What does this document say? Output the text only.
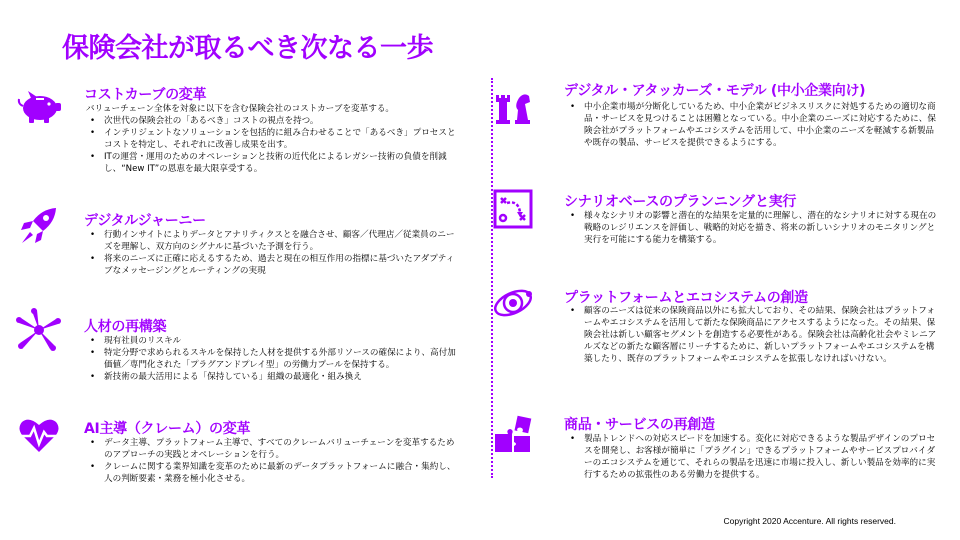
保険会社が取るべき次なる一歩
コストカーブの変革

バリューチェーン全体を対象に以下を含む保険会社のコストカーブを変革する。

• 次世代の保険会社の「あるべき」コストの視点を持つ。
• インテリジェントなソリューションを包括的に組み合わせることで「あるべき」プロセスとコストを特定し、それぞれに改善し成果を出す。
• ITの運営・運用のためのオペレーションと技術の近代化によるレガシー技術の負債を削減し、“New IT”の恩恵を最大限享受する。
デジタルジャーニー
• 行動インサイトによりデータとアナリティクスとを融合させ、顧客／代理店／従業員のニーズを理解し、双方向のシグナルに基づいた予測を行う。
• 将来のニーズに正確に応えるするため、過去と現在の相互作用の指標に基づいたアダプティブなメッセージングとルーティングの実現
人材の再構築
• 現有社員のリスキル
• 特定分野で求められるスキルを保持した人材を提供する外部リソースの確保により、高付加価値／専門化された「プラグアンドプレイ型」の労働力プールを保持する。
• 新技術の最大活用による「保持している」組織の最適化・組み換え
AI主導（クレーム）の変革
• データ主導、プラットフォーム主導で、すべてのクレームバリューチェーンを変革するためのアプローチの実践とオペレーションを行う。
• クレームに関する業界知識を変革のために最新のデータプラットフォームに融合・集約し、人の判断要素・業務を極小化させる。
デジタル・アタッカーズ・モデル (中小企業向け)
• 中小企業市場が分断化しているため、中小企業がビジネスリスクに対処するための適切な商品・サービスを見つけることは困難となっている。中小企業のニーズに対応するために、保険会社がプラットフォームやエコシステムを活用して、中小企業のニーズを軽減する新製品や既存の製品、サービスを提供できるようにする。
シナリオベースのプランニングと実行
• 様々なシナリオの影響と潜在的な結果を定量的に理解し、潜在的なシナリオに対する現在の戦略のレジリエンスを評価し、戦略的対応を描き、将来の新しいシナリオのモニタリングと実行を可能にする能力を構築する。
プラットフォームとエコシステムの創造
• 顧客のニーズは従来の保険商品以外にも拡大しており、その結果、保険会社はプラットフォームやエコシステムを活用して新たな保険商品にアクセスするようになった。その結果、保険会社は新しい顧客セグメントを創造する必要性がある。保険会社は高齢化社会やミレニアルズなどの新たな顧客層にリーチするために、新しいプラットフォームやエコシステムを構築したり、既存のプラットフォームやエコシステムを拡張しなければいけない。
商品・サービスの再創造
• 製品トレンドへの対応スピードを加速する。変化に対応できるような製品デザインのプロセスを開発し、お客様が簡単に「プラグイン」できるプラットフォームやサービスプロバイダーのエコシステムを通じて、それらの製品を迅速に市場に投入し、新しい製品を効率的に実行するための拡張性のある労働力を提供する。
Copyright 2020 Accenture. All rights reserved.
